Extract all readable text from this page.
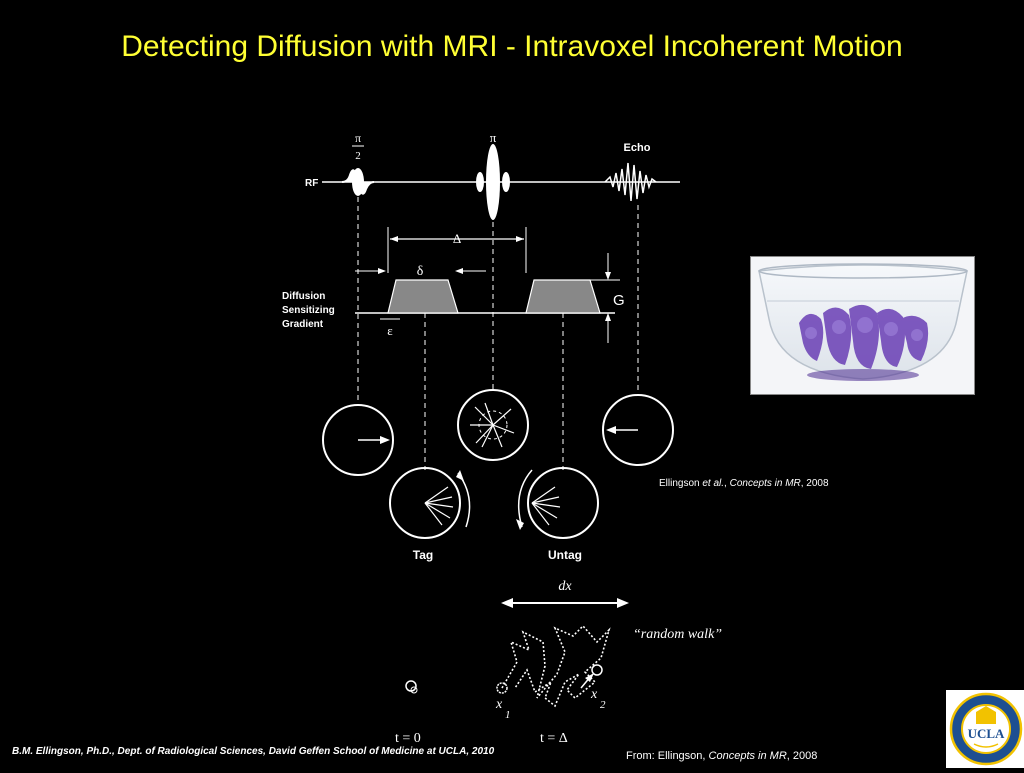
Detecting Diffusion with MRI - Intravoxel Incoherent Motion
π
2
π
Echo
RF
Δ
δ
G
ε
Diffusion
Sensitizing
Gradient
Tag	Untag
dx
“random walk”
x
1
x
2
t = 0	t = Δ
Ellingson et al., Concepts in MR, 2008
B.M. Ellingson, Ph.D., Dept. of Radiological Sciences, David Geffen School of Medicine at UCLA, 2010	From: Ellingson, Concepts in MR, 2008
UCLA
